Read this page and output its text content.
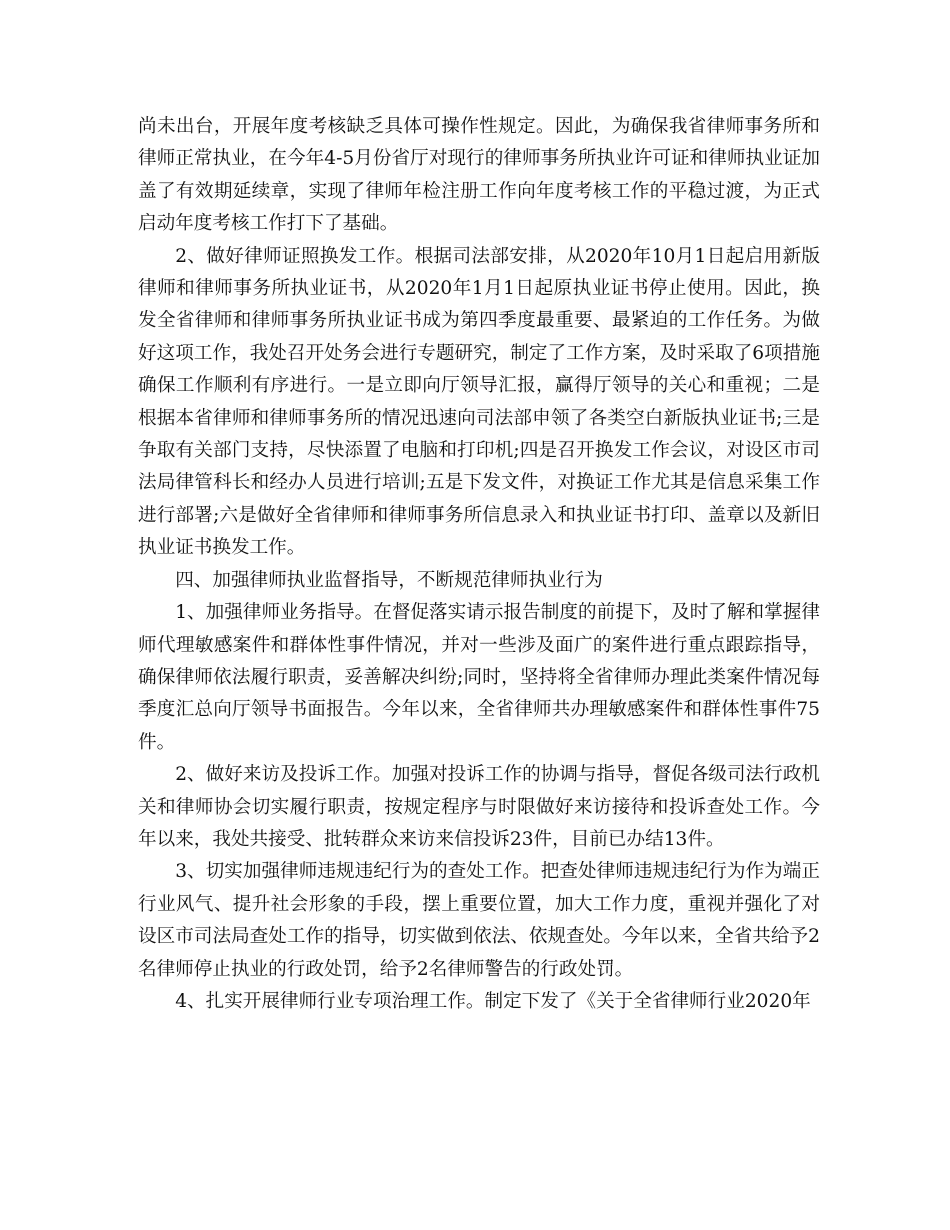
尚未出台，开展年度考核缺乏具体可操作性规定。因此，为确保我省律师事务所和律师正常执业，在今年4-5月份省厅对现行的律师事务所执业许可证和律师执业证加盖了有效期延续章，实现了律师年检注册工作向年度考核工作的平稳过渡，为正式启动年度考核工作打下了基础。

2、做好律师证照换发工作。根据司法部安排，从2020年10月1日起启用新版律师和律师事务所执业证书，从2020年1月1日起原执业证书停止使用。因此，换发全省律师和律师事务所执业证书成为第四季度最重要、最紧迫的工作任务。为做好这项工作，我处召开处务会进行专题研究，制定了工作方案，及时采取了6项措施确保工作顺利有序进行。一是立即向厅领导汇报，赢得厅领导的关心和重视；二是根据本省律师和律师事务所的情况迅速向司法部申领了各类空白新版执业证书;三是争取有关部门支持，尽快添置了电脑和打印机;四是召开换发工作会议，对设区市司法局律管科长和经办人员进行培训;五是下发文件，对换证工作尤其是信息采集工作进行部署;六是做好全省律师和律师事务所信息录入和执业证书打印、盖章以及新旧执业证书换发工作。

四、加强律师执业监督指导，不断规范律师执业行为

1、加强律师业务指导。在督促落实请示报告制度的前提下，及时了解和掌握律师代理敏感案件和群体性事件情况，并对一些涉及面广的案件进行重点跟踪指导，确保律师依法履行职责，妥善解决纠纷;同时，坚持将全省律师办理此类案件情况每季度汇总向厅领导书面报告。今年以来，全省律师共办理敏感案件和群体性事件75件。

2、做好来访及投诉工作。加强对投诉工作的协调与指导，督促各级司法行政机关和律师协会切实履行职责，按规定程序与时限做好来访接待和投诉查处工作。今年以来，我处共接受、批转群众来访来信投诉23件，目前已办结13件。

3、切实加强律师违规违纪行为的查处工作。把查处律师违规违纪行为作为端正行业风气、提升社会形象的手段，摆上重要位置，加大工作力度，重视并强化了对设区市司法局查处工作的指导，切实做到依法、依规查处。今年以来，全省共给予2名律师停止执业的行政处罚，给予2名律师警告的行政处罚。

4、扎实开展律师行业专项治理工作。制定下发了《关于全省律师行业2020年
